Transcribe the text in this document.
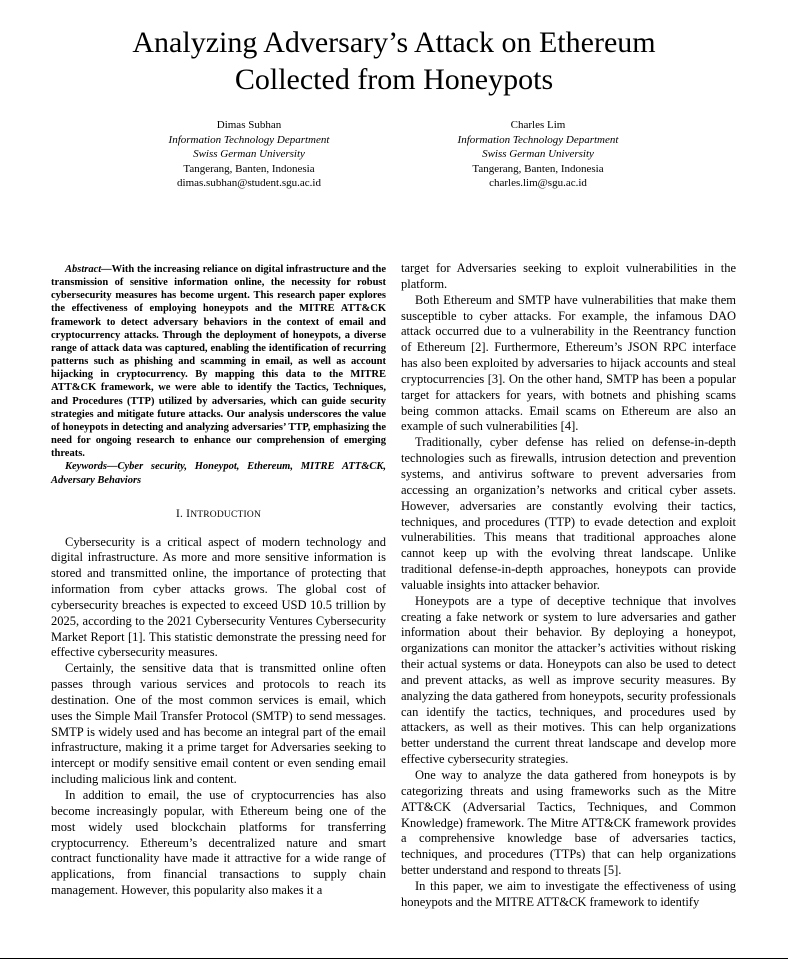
Analyzing Adversary’s Attack on Ethereum
Collected from Honeypots
Dimas Subhan
Information Technology Department
Swiss German University
Tangerang, Banten, Indonesia
dimas.subhan@student.sgu.ac.id
Charles Lim
Information Technology Department
Swiss German University
Tangerang, Banten, Indonesia
charles.lim@sgu.ac.id

Abstract—With the increasing reliance on digital infrastructure and the transmission of sensitive information online, the necessity for robust cybersecurity measures has become urgent. This research paper explores the effectiveness of employing honeypots and the MITRE ATT&CK framework to detect adversary behaviors in the context of email and cryptocurrency attacks. Through the deployment of honeypots, a diverse range of attack data was captured, enabling the identification of recurring patterns such as phishing and scamming in email, as well as account hijacking in cryptocurrency. By mapping this data to the MITRE ATT&CK framework, we were able to identify the Tactics, Techniques, and Procedures (TTP) utilized by adversaries, which can guide security strategies and mitigate future attacks. Our analysis underscores the value of honeypots in detecting and analyzing adversaries’ TTP, emphasizing the need for ongoing research to enhance our comprehension of emerging threats.

Keywords—Cyber security, Honeypot, Ethereum, MITRE ATT&CK, Adversary Behaviors

I. INTRODUCTION

Cybersecurity is a critical aspect of modern technology and digital infrastructure. As more and more sensitive information is stored and transmitted online, the importance of protecting that information from cyber attacks grows. The global cost of cybersecurity breaches is expected to exceed USD 10.5 trillion by 2025, according to the 2021 Cybersecurity Ventures Cybersecurity Market Report [1]. This statistic demonstrate the pressing need for effective cybersecurity measures.

Certainly, the sensitive data that is transmitted online often passes through various services and protocols to reach its destination. One of the most common services is email, which uses the Simple Mail Transfer Protocol (SMTP) to send messages. SMTP is widely used and has become an integral part of the email infrastructure, making it a prime target for Adversaries seeking to intercept or modify sensitive email content or even sending email including malicious link and content.

In addition to email, the use of cryptocurrencies has also become increasingly popular, with Ethereum being one of the most widely used blockchain platforms for transferring cryptocurrency. Ethereum’s decentralized nature and smart contract functionality have made it attractive for a wide range of applications, from financial transactions to supply chain management. However, this popularity also makes it a

target for Adversaries seeking to exploit vulnerabilities in the platform.

Both Ethereum and SMTP have vulnerabilities that make them susceptible to cyber attacks. For example, the infamous DAO attack occurred due to a vulnerability in the Reentrancy function of Ethereum [2]. Furthermore, Ethereum’s JSON RPC interface has also been exploited by adversaries to hijack accounts and steal cryptocurrencies [3]. On the other hand, SMTP has been a popular target for attackers for years, with botnets and phishing scams being common attacks. Email scams on Ethereum are also an example of such vulnerabilities [4].

Traditionally, cyber defense has relied on defense-in-depth technologies such as firewalls, intrusion detection and prevention systems, and antivirus software to prevent adversaries from accessing an organization’s networks and critical cyber assets. However, adversaries are constantly evolving their tactics, techniques, and procedures (TTP) to evade detection and exploit vulnerabilities. This means that traditional approaches alone cannot keep up with the evolving threat landscape. Unlike traditional defense-in-depth approaches, honeypots can provide valuable insights into attacker behavior.

Honeypots are a type of deceptive technique that involves creating a fake network or system to lure adversaries and gather information about their behavior. By deploying a honeypot, organizations can monitor the attacker’s activities without risking their actual systems or data. Honeypots can also be used to detect and prevent attacks, as well as improve security measures. By analyzing the data gathered from honeypots, security professionals can identify the tactics, techniques, and procedures used by attackers, as well as their motives. This can help organizations better understand the current threat landscape and develop more effective cybersecurity strategies.

One way to analyze the data gathered from honeypots is by categorizing threats and using frameworks such as the Mitre ATT&CK (Adversarial Tactics, Techniques, and Common Knowledge) framework. The Mitre ATT&CK framework provides a comprehensive knowledge base of adversaries tactics, techniques, and procedures (TTPs) that can help organizations better understand and respond to threats [5].

In this paper, we aim to investigate the effectiveness of using honeypots and the MITRE ATT&CK framework to identify
